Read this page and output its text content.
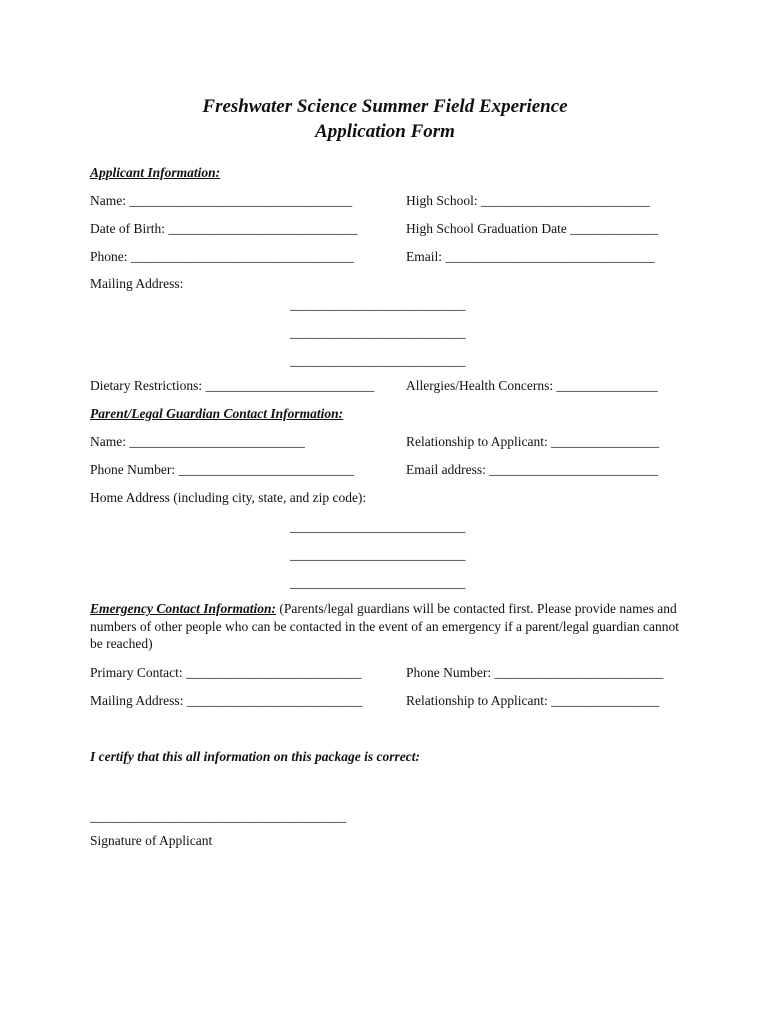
Freshwater Science Summer Field Experience
Application Form
Applicant Information:
Name: _________________________________	High School: _________________________
Date of Birth: ____________________________	High School Graduation Date _____________
Phone: _________________________________	Email: _______________________________
Mailing Address:
__________________________
__________________________
__________________________
Dietary Restrictions: _________________________ Allergies/Health Concerns: _______________
Parent/Legal Guardian Contact Information:
Name: __________________________	Relationship to Applicant: ________________
Phone Number: __________________________	Email address: _________________________
Home Address (including city, state, and zip code):
__________________________
__________________________
__________________________
Emergency Contact Information: (Parents/legal guardians will be contacted first. Please provide names and numbers of other people who can be contacted in the event of an emergency if a parent/legal guardian cannot be reached)
Primary Contact: __________________________	Phone Number: _________________________
Mailing Address: __________________________	Relationship to Applicant: ________________
I certify that this all information on this package is correct:
______________________________________
Signature of Applicant
